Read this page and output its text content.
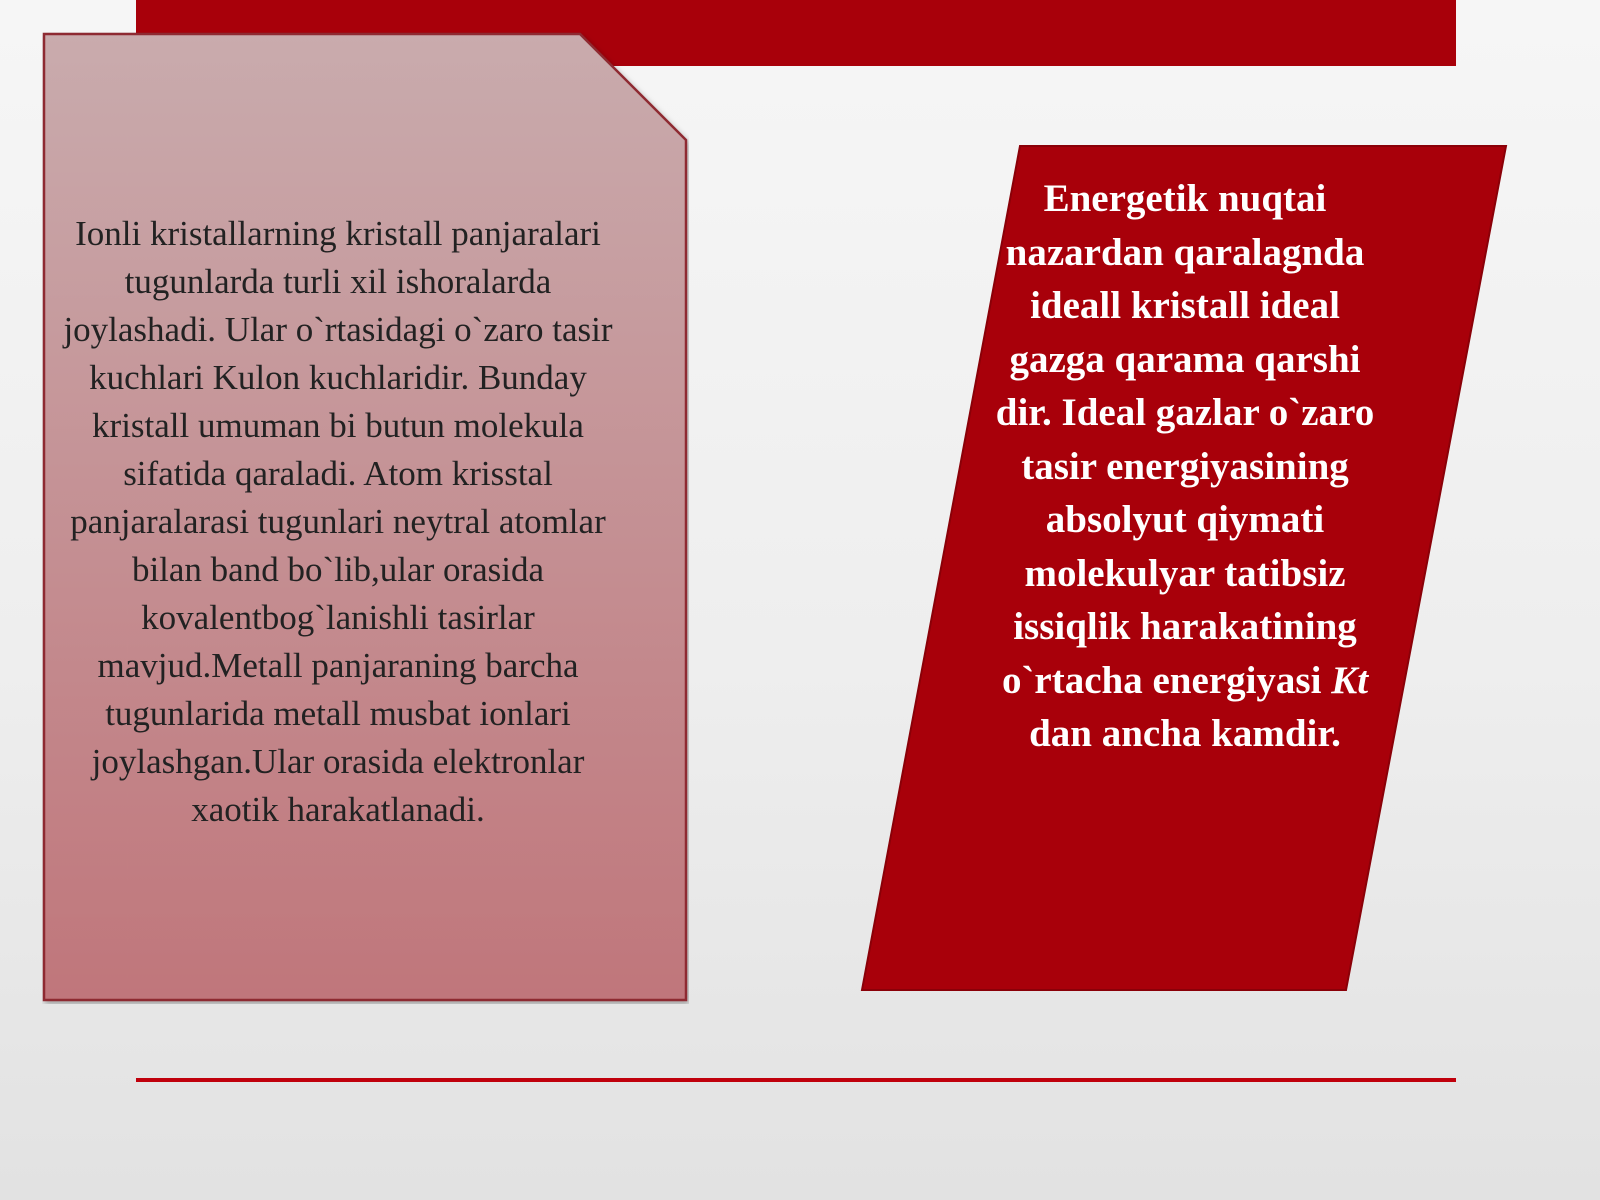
Ionli kristallarning kristall panjaralari tugunlarda turli xil ishoralarda joylashadi. Ular o`rtasidagi o`zaro tasir kuchlari Kulon kuchlaridir. Bunday kristall umuman bi butun molekula sifatida qaraladi. Atom krisstal panjaralarasi tugunlari neytral atomlar bilan band bo`lib,ular orasida kovalentbog`lanishli tasirlar mavjud.Metall panjaraning barcha tugunlarida metall musbat ionlari joylashgan.Ular orasida elektronlar xaotik harakatlanadi.
Energetik nuqtai nazardan qaralagnda ideall kristall ideal gazga qarama qarshi dir. Ideal gazlar o`zaro tasir energiyasining absolyut qiymati molekulyar tatibsiz issiqlik harakatining o`rtacha energiyasi Kt dan ancha kamdir.
